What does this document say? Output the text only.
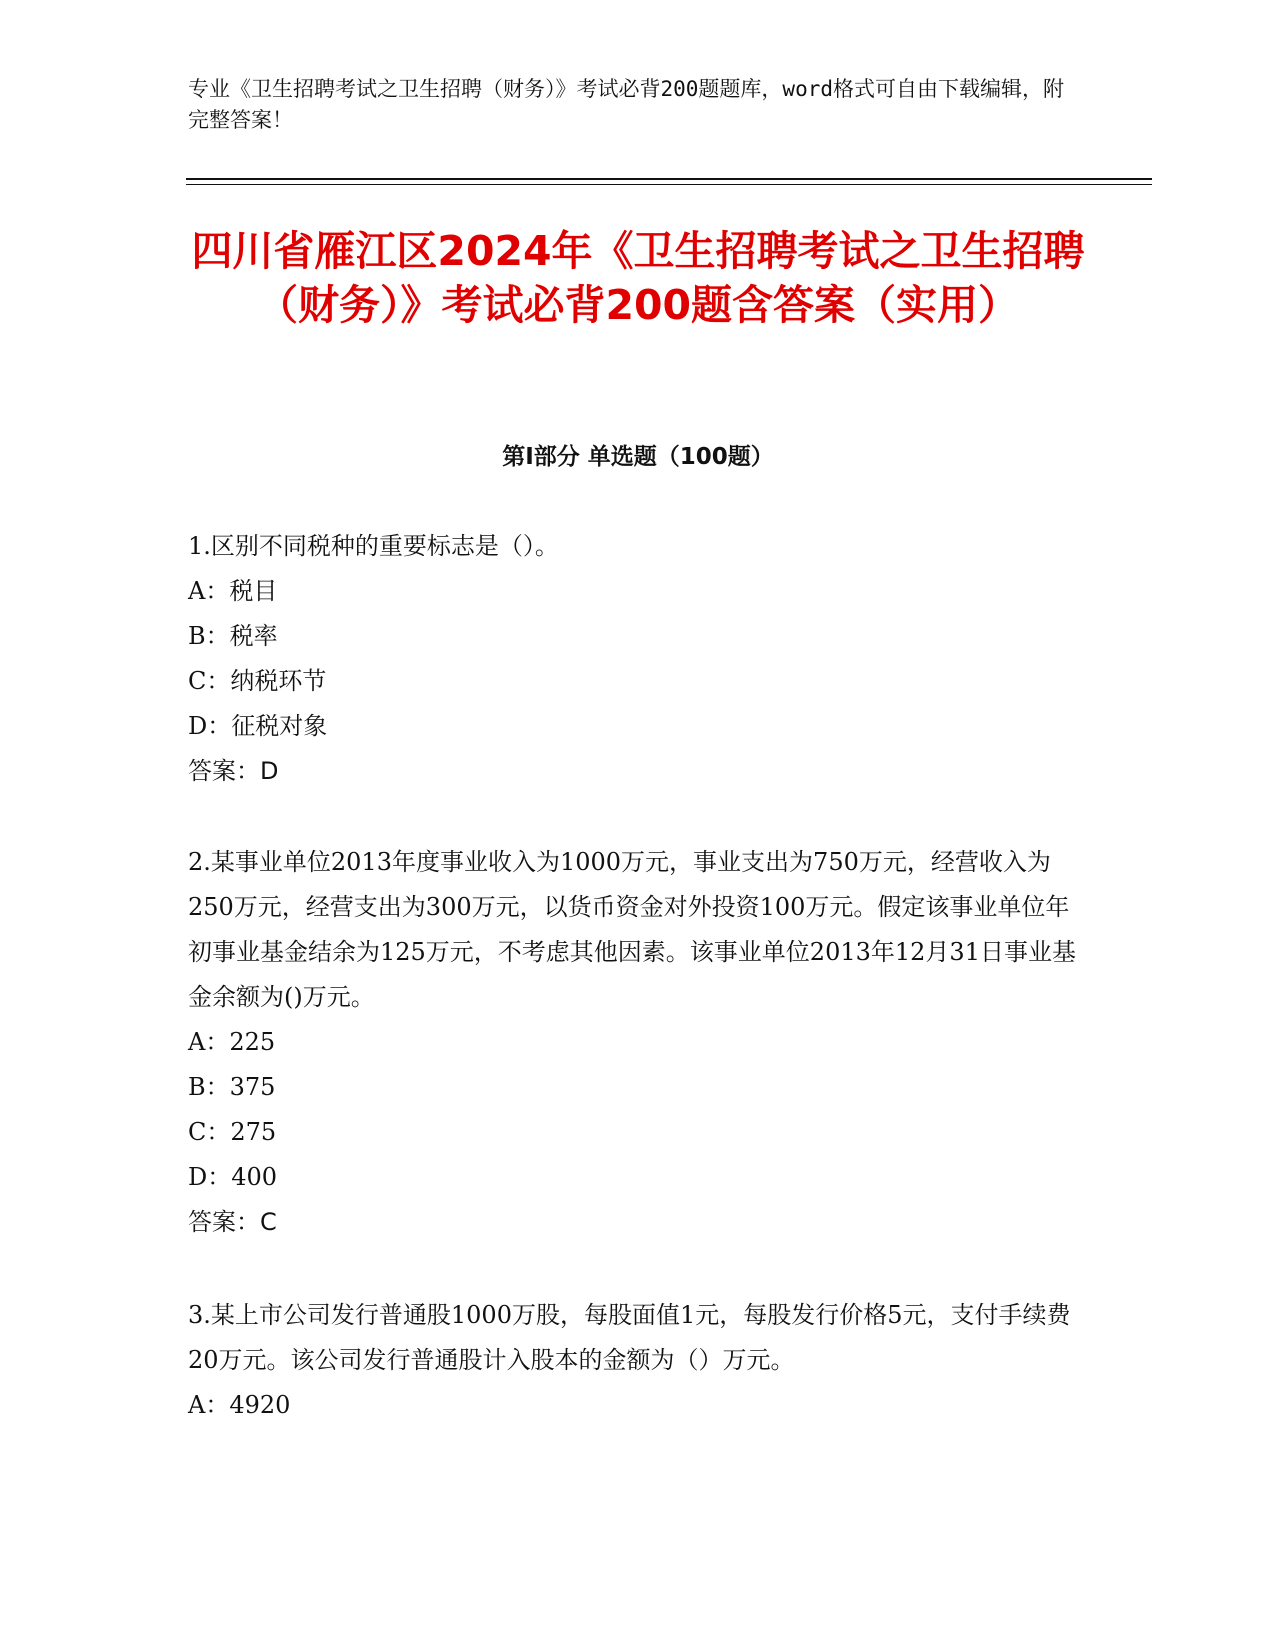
专业《卫生招聘考试之卫生招聘（财务）》考试必背200题题库，word格式可自由下载编辑，附完整答案！
四川省雁江区2024年《卫生招聘考试之卫生招聘（财务）》考试必背200题含答案（实用）
第I部分 单选题（100题）
1.区别不同税种的重要标志是（）。
A：税目
B：税率
C：纳税环节
D：征税对象
答案：D
2.某事业单位2013年度事业收入为1000万元，事业支出为750万元，经营收入为250万元，经营支出为300万元，以货币资金对外投资100万元。假定该事业单位年初事业基金结余为125万元，不考虑其他因素。该事业单位2013年12月31日事业基金余额为()万元。
A：225
B：375
C：275
D：400
答案：C
3.某上市公司发行普通股1000万股，每股面值1元，每股发行价格5元，支付手续费20万元。该公司发行普通股计入股本的金额为（）万元。
A：4920
